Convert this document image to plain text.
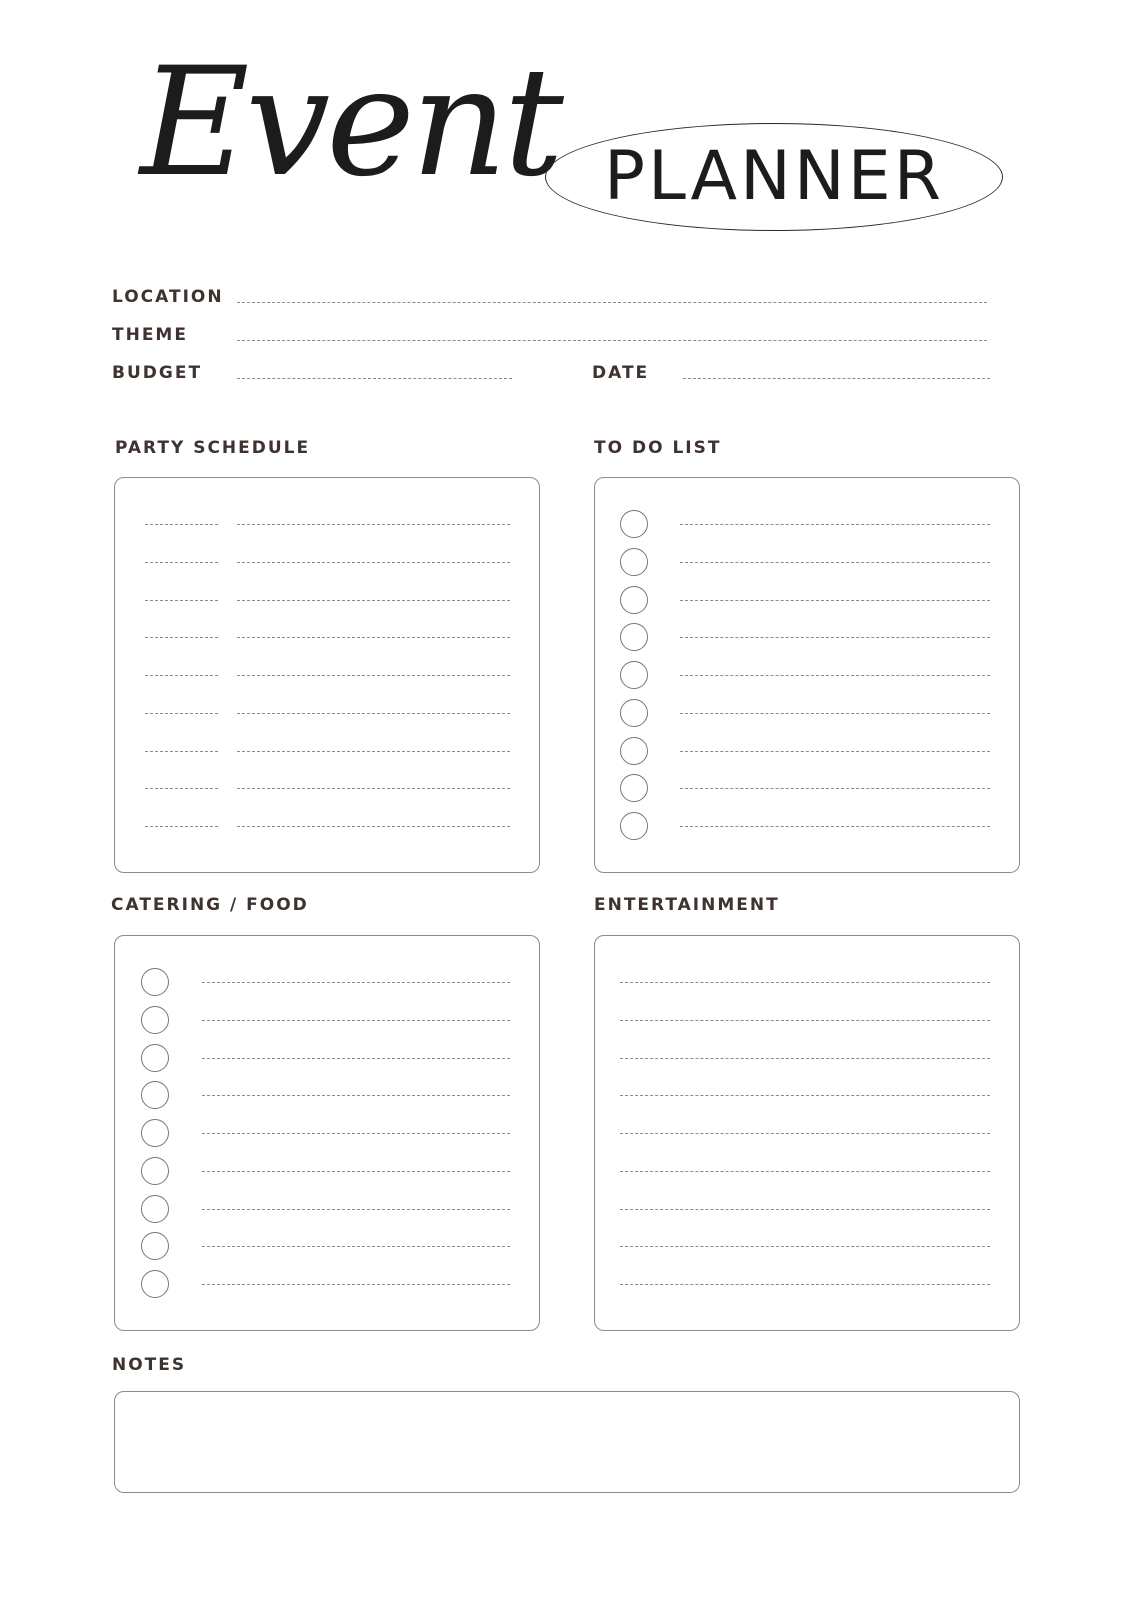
Event PLANNER
LOCATION
THEME
BUDGET	DATE
PARTY SCHEDULE	TO DO LIST
CATERING / FOOD	ENTERTAINMENT
NOTES
